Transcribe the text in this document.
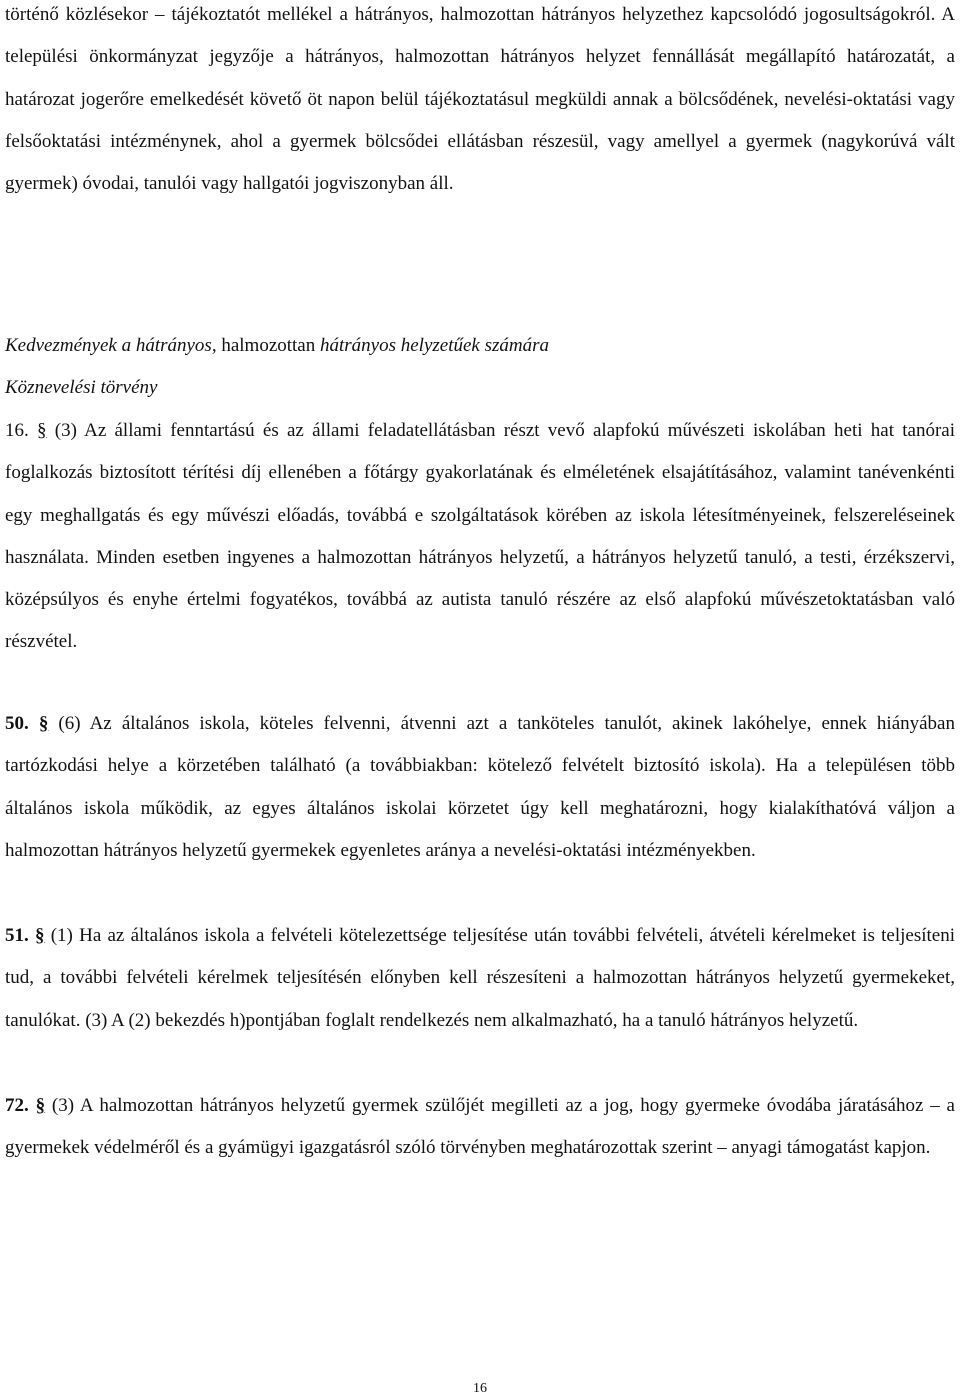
történő közlésekor – tájékoztatót mellékel a hátrányos, halmozottan hátrányos helyzethez kapcsolódó jogosultságokról. A települési önkormányzat jegyzője a hátrányos, halmozottan hátrányos helyzet fennállását megállapító határozatát, a határozat jogerőre emelkedését követő öt napon belül tájékoztatásul megküldi annak a bölcsődének, nevelési-oktatási vagy felsőoktatási intézménynek, ahol a gyermek bölcsődei ellátásban részesül, vagy amellyel a gyermek (nagykorúvá vált gyermek) óvodai, tanulói vagy hallgatói jogviszonyban áll.

Kedvezmények a hátrányos, halmozottan hátrányos helyzetűek számára

Köznevelési törvény

16. § (3) Az állami fenntartású és az állami feladatellátásban részt vevő alapfokú művészeti iskolában heti hat tanórai foglalkozás biztosított térítési díj ellenében a főtárgy gyakorlatának és elméletének elsajátításához, valamint tanévenkénti egy meghallgatás és egy művészi előadás, továbbá e szolgáltatások körében az iskola létesítményeinek, felszereléseinek használata. Minden esetben ingyenes a halmozottan hátrányos helyzetű, a hátrányos helyzetű tanuló, a testi, érzékszervi, középsúlyos és enyhe értelmi fogyatékos, továbbá az autista tanuló részére az első alapfokú művészetoktatásban való részvétel.

50. § (6) Az általános iskola, köteles felvenni, átvenni azt a tanköteles tanulót, akinek lakóhelye, ennek hiányában tartózkodási helye a körzetében található (a továbbiakban: kötelező felvételt biztosító iskola). Ha a településen több általános iskola működik, az egyes általános iskolai körzetet úgy kell meghatározni, hogy kialakíthatóvá váljon a halmozottan hátrányos helyzetű gyermekek egyenletes aránya a nevelési-oktatási intézményekben.

51. § (1) Ha az általános iskola a felvételi kötelezettsége teljesítése után további felvételi, átvételi kérelmeket is teljesíteni tud, a további felvételi kérelmek teljesítésén előnyben kell részesíteni a halmozottan hátrányos helyzetű gyermekeket, tanulókat. (3) A (2) bekezdés h)pontjában foglalt rendelkezés nem alkalmazható, ha a tanuló hátrányos helyzetű.

72. § (3) A halmozottan hátrányos helyzetű gyermek szülőjét megilleti az a jog, hogy gyermeke óvodába járatásához – a gyermekek védelméről és a gyámügyi igazgatásról szóló törvényben meghatározottak szerint – anyagi támogatást kapjon.

16
